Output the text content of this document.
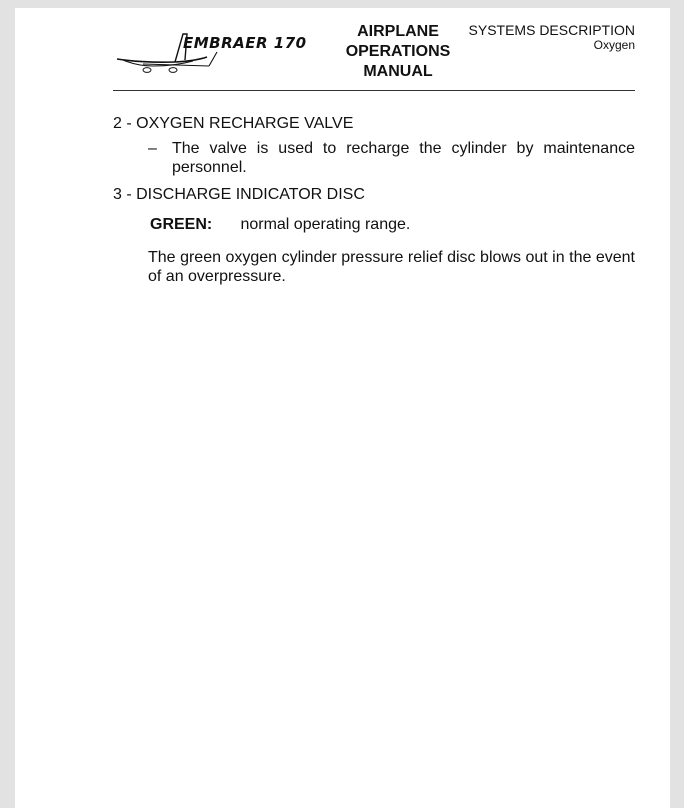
EMBRAER 170
AIRPLANE
OPERATIONS
MANUAL
SYSTEMS DESCRIPTION
Oxygen

2 - OXYGEN RECHARGE VALVE

– The valve is used to recharge the cylinder by maintenance personnel.

3 - DISCHARGE INDICATOR DISC

GREEN: normal operating range.

The green oxygen cylinder pressure relief disc blows out in the event of an overpressure.
